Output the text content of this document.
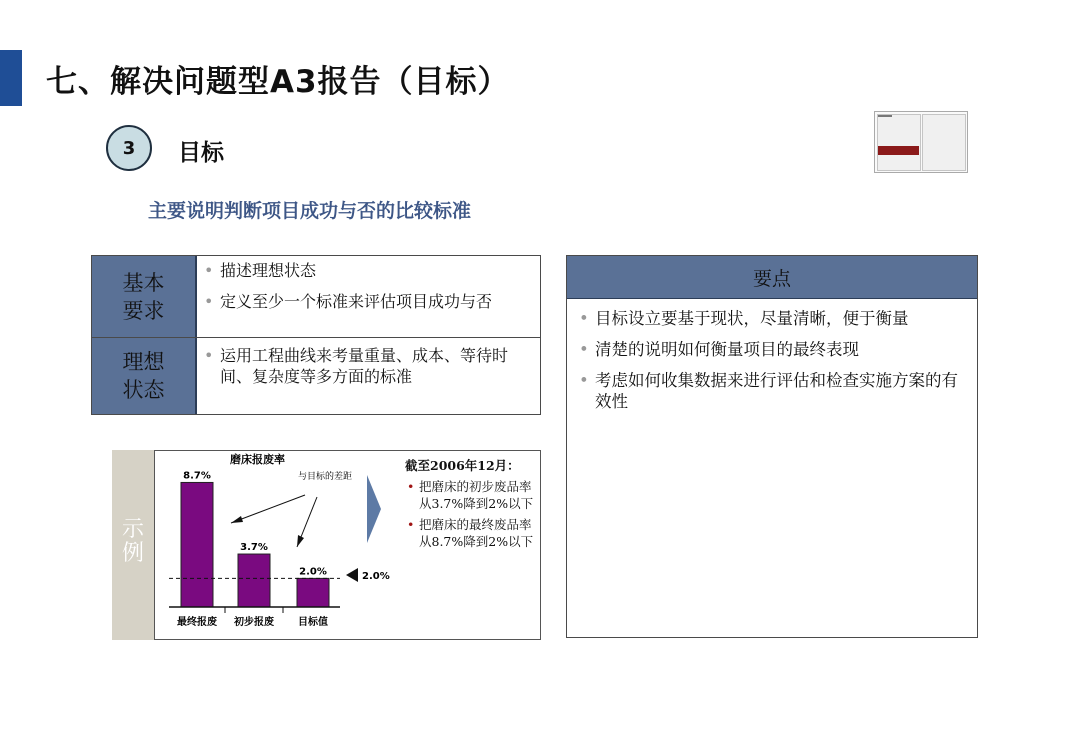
七、解决问题型A3报告（目标）
3	目标
主要说明判断项目成功与否的比较标准
基本
要求
• 描述理想状态
• 定义至少一个标准来评估项目成功与否
理想
状态
• 运用工程曲线来考量重量、成本、等待时间、复杂度等多方面的标准
要点
• 目标设立要基于现状，尽量清晰，便于衡量
• 清楚的说明如何衡量项目的最终表现
• 考虑如何收集数据来进行评估和检查实施方案的有效性
示例
磨床报废率
8.7%
最终报废
3.7%
初步报废
2.0%
目标值
与目标的差距
截至2006年12月：
• 把磨床的初步废品率从3.7%降到2%以下
• 把磨床的最终废品率从8.7%降到2%以下
2.0%
